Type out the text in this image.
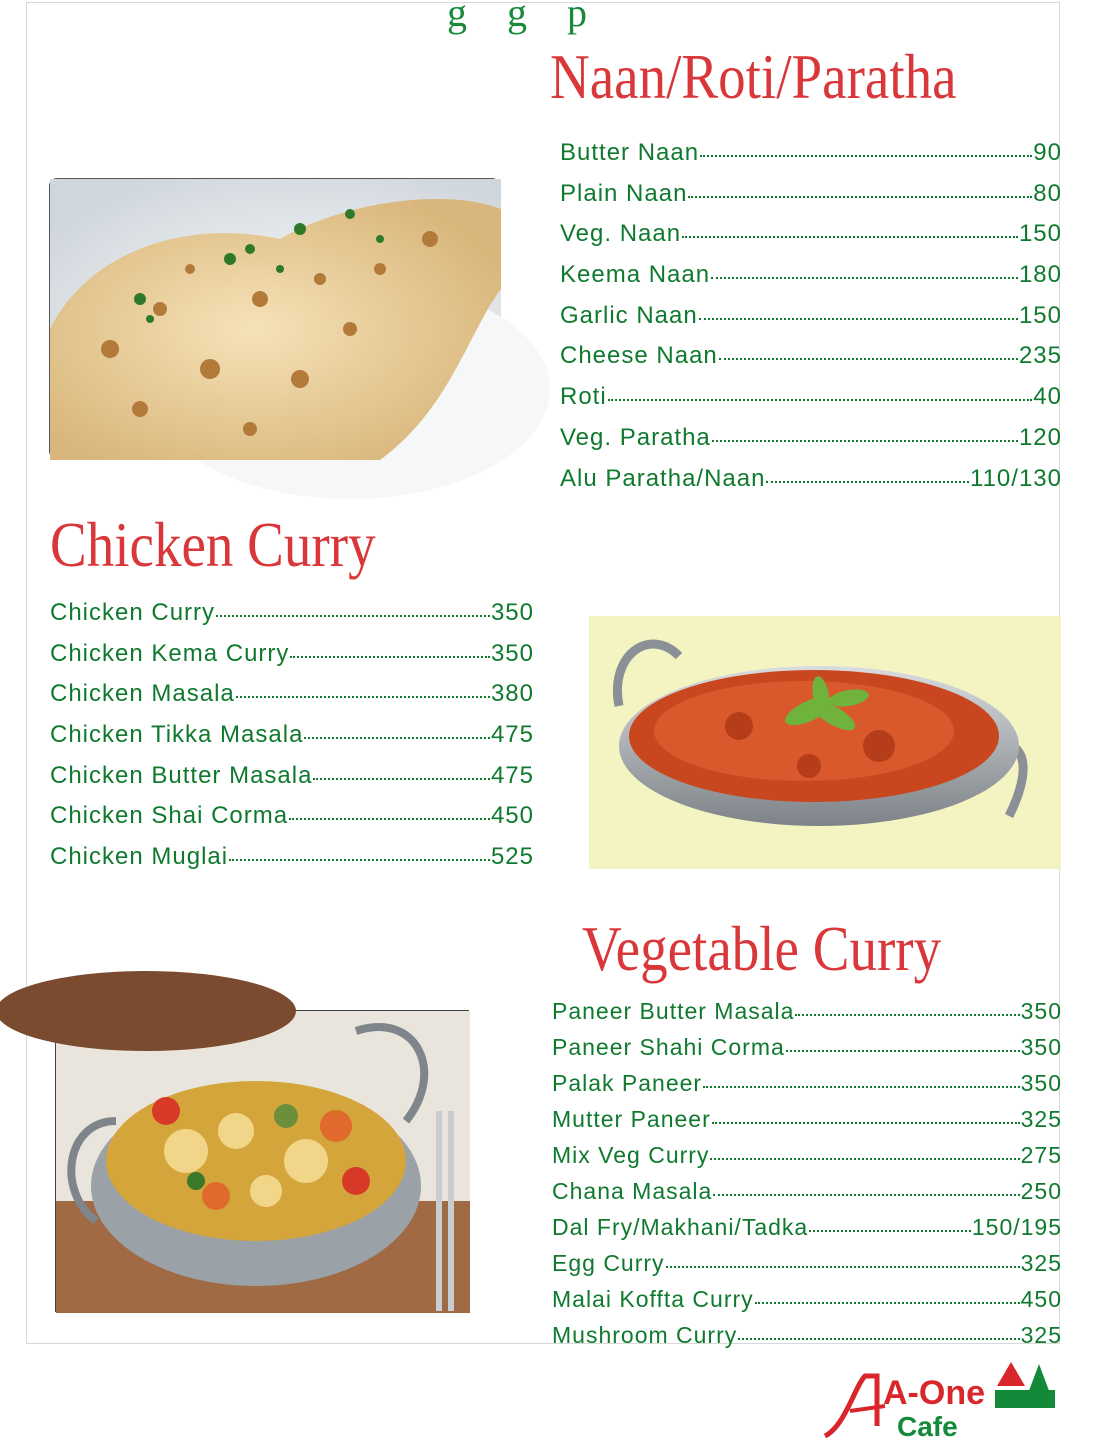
ggp
Naan/Roti/Paratha
Butter Naan	90
Plain Naan	80
Veg. Naan	150
Keema Naan	180
Garlic Naan	150
Cheese Naan	235
Roti	40
Veg. Paratha	120
Alu Paratha/Naan	110/130
Chicken Curry
Chicken Curry	350
Chicken Kema Curry	350
Chicken Masala	380
Chicken Tikka Masala	475
Chicken Butter Masala	475
Chicken Shai Corma	450
Chicken Muglai	525
Vegetable Curry
Paneer Butter Masala	350
Paneer Shahi Corma	350
Palak Paneer	350
Mutter Paneer	325
Mix Veg Curry	275
Chana Masala	250
Dal Fry/Makhani/Tadka	150/195
Egg Curry	325
Malai Koffta Curry	450
Mushroom Curry	325
A-One
Cafe
